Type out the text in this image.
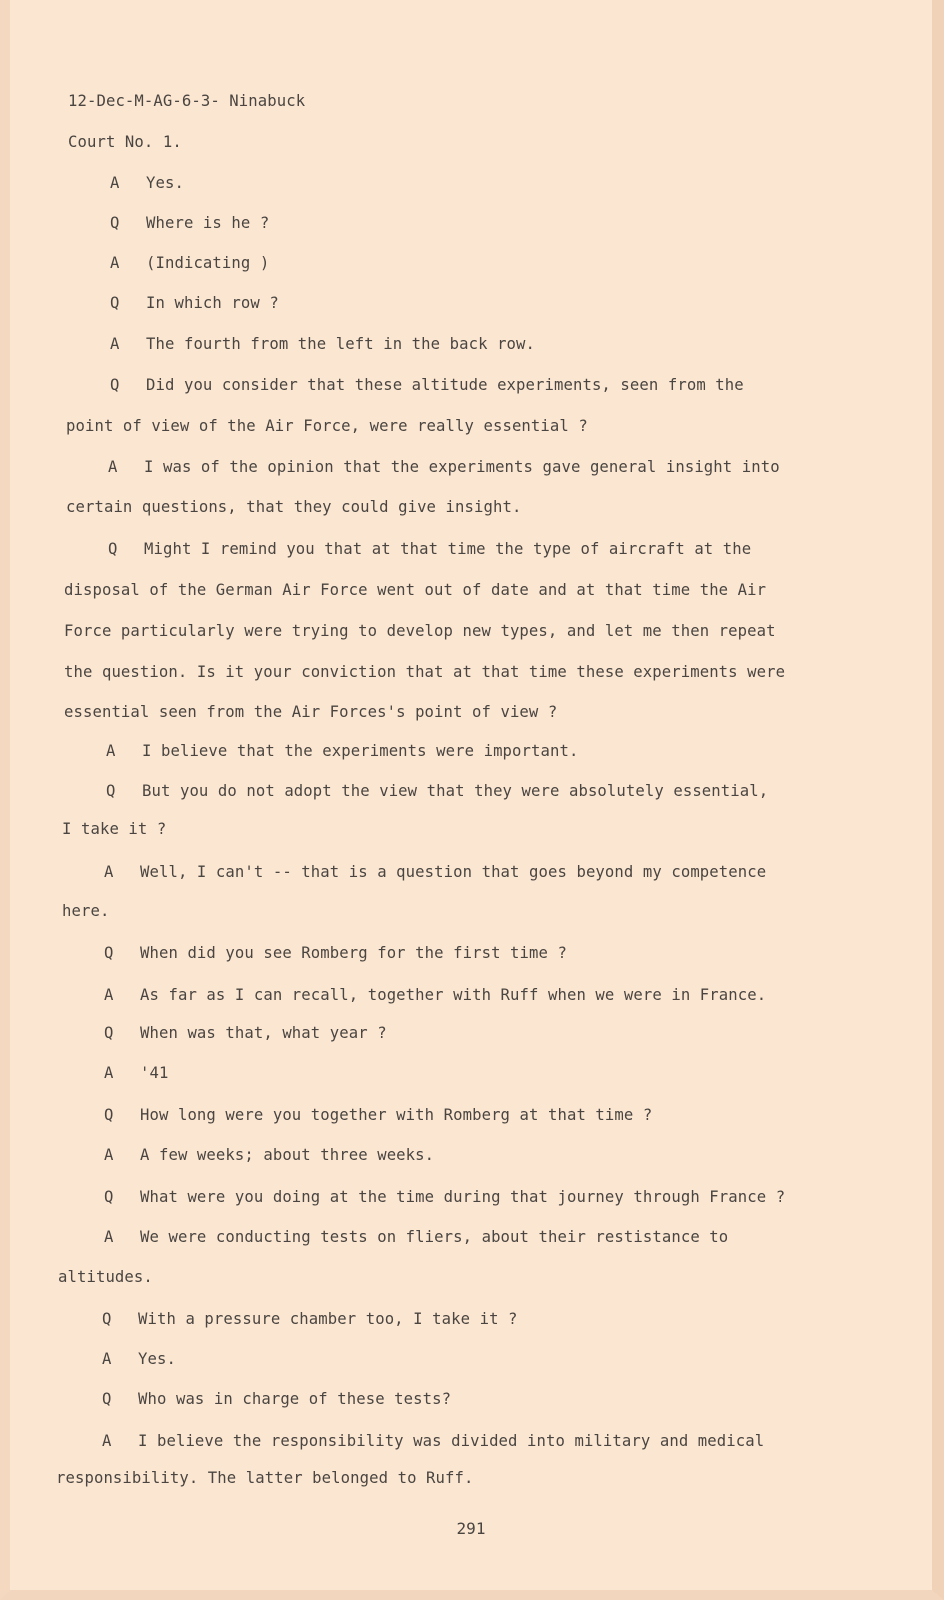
12-Dec-M-AG-6-3- Ninabuck
Court No. 1.
A Yes.
Q Where is he ?
A (Indicating )
Q In which row ?
A The fourth from the left in the back row.
Q Did you consider that these altitude experiments, seen from the
point of view of the Air Force, were really essential ?
A I was of the opinion that the experiments gave general insight into
certain questions, that they could give insight.
Q Might I remind you that at that time the type of aircraft at the
disposal of the German Air Force went out of date and at that time the Air
Force particularly were trying to develop new types, and let me then repeat
the question. Is it your conviction that at that time these experiments were
essential seen from the Air Forces's point of view ?
A I believe that the experiments were important.
Q But you do not adopt the view that they were absolutely essential,
I take it ?
A Well, I can't -- that is a question that goes beyond my competence
here.
Q When did you see Romberg for the first time ?
A As far as I can recall, together with Ruff when we were in France.
Q When was that, what year ?
A '41
Q How long were you together with Romberg at that time ?
A A few weeks; about three weeks.
Q What were you doing at the time during that journey through France ?
A We were conducting tests on fliers, about their restistance to
altitudes.
Q With a pressure chamber too, I take it ?
A Yes.
Q Who was in charge of these tests?
A I believe the responsibility was divided into military and medical
responsibility. The latter belonged to Ruff.
291
